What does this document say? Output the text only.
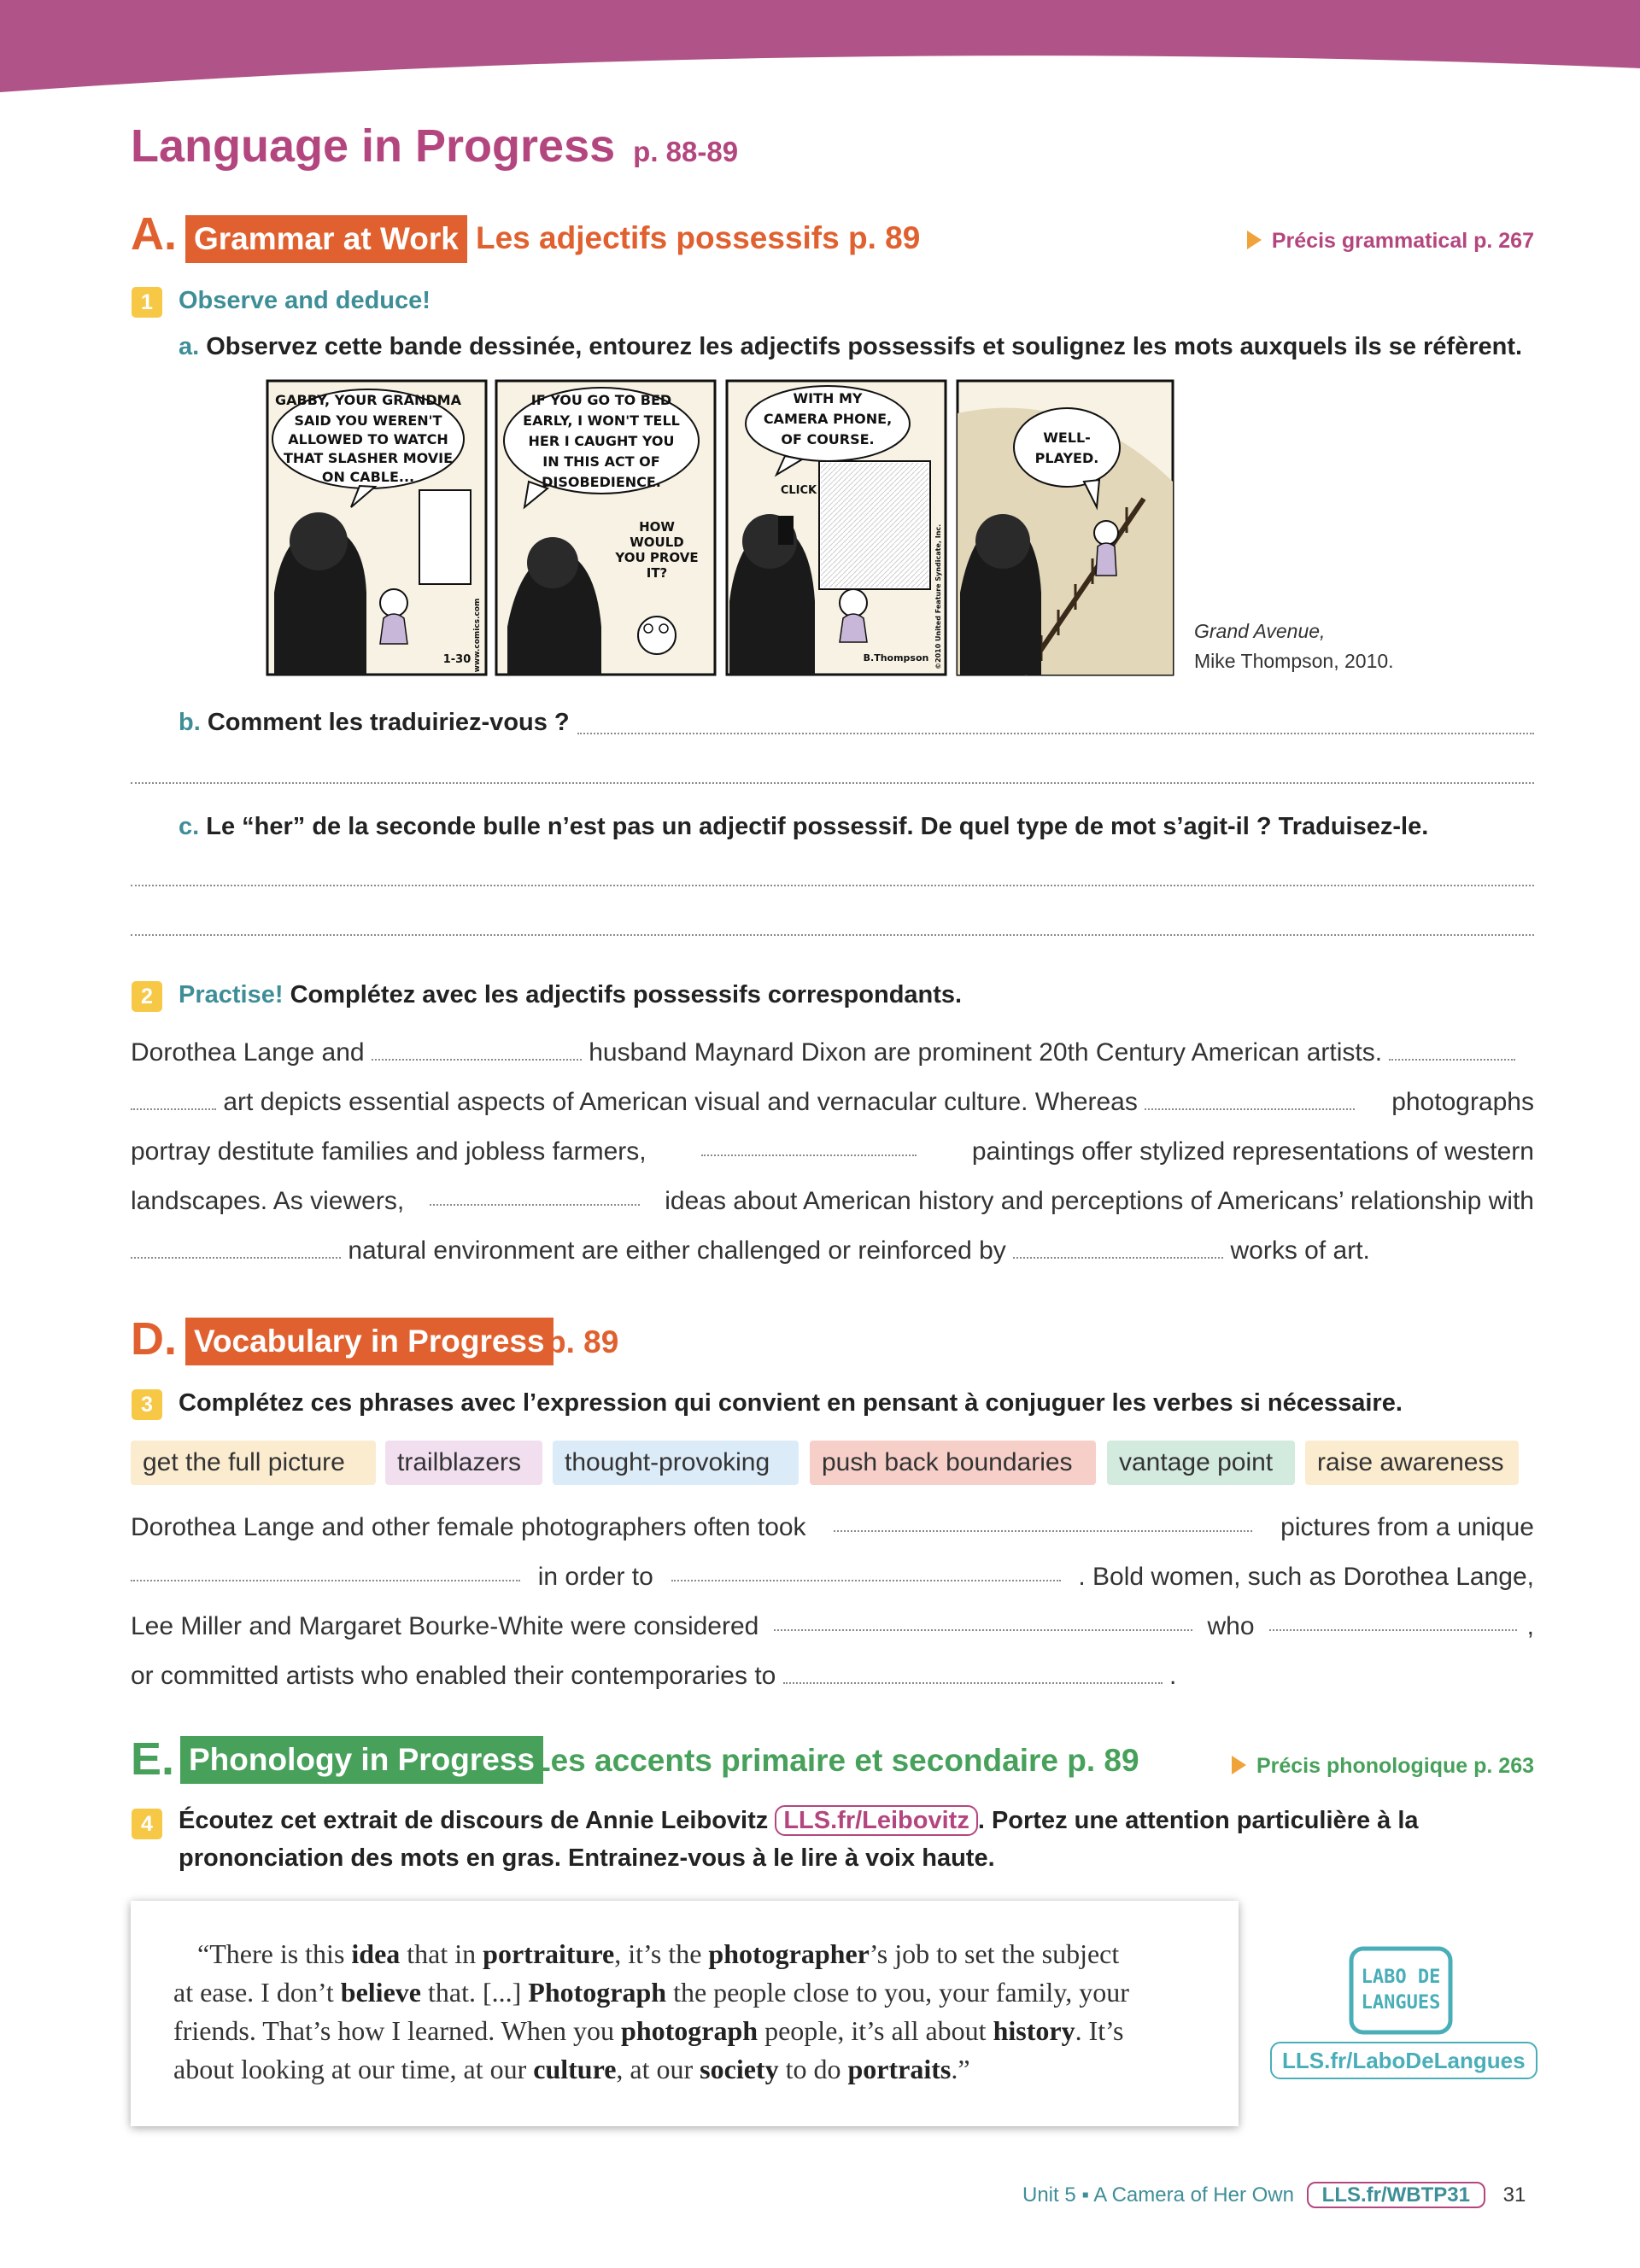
Language in Progress p. 88-89
A. Grammar at Work Les adjectifs possessifs p. 89	Précis grammatical p. 267
1	Observe and deduce!
a. Observez cette bande dessinée, entourez les adjectifs possessifs et soulignez les mots auxquels ils se réfèrent.
GABBY, YOUR GRANDMA
SAID YOU WEREN'T
ALLOWED TO WATCH
THAT SLASHER MOVIE
ON CABLE...
1-30 www.comics.com
IF YOU GO TO BED
EARLY, I WON'T TELL
HER I CAUGHT YOU
IN THIS ACT OF
DISOBEDIENCE.
HOW
WOULD
YOU PROVE
IT?
WITH MY
CAMERA PHONE,
OF COURSE.
CLICK
B.Thompson ©2010 United Feature Syndicate, Inc.
WELL-
PLAYED.
Grand Avenue,
Mike Thompson, 2010.
b. Comment les traduiriez-vous ?
c. Le “her” de la seconde bulle n’est pas un adjectif possessif. De quel type de mot s’agit-il ? Traduisez-le.
2	Practise! Complétez avec les adjectifs possessifs correspondants.
Dorothea Lange and	husband Maynard Dixon are prominent 20th Century American artists.
art depicts essential aspects of American visual and vernacular culture. Whereas	photographs
portray destitute families and jobless farmers,	paintings offer stylized representations of western
landscapes. As viewers,	ideas about American history and perceptions of Americans’ relationship with
natural environment are either challenged or reinforced by	works of art.
D. Vocabulary in Progress p. 89
3	Complétez ces phrases avec l’expression qui convient en pensant à conjuguer les verbes si nécessaire.
get the full picture	trailblazers	thought-provoking	push back boundaries	vantage point	raise awareness
Dorothea Lange and other female photographers often took	pictures from a unique
in order to	. Bold women, such as Dorothea Lange,
Lee Miller and Margaret Bourke-White were considered	who	,
or committed artists who enabled their contemporaries to	.
E. Phonology in Progress
Les accents primaire et secondaire p. 89	Précis phonologique p. 263
4	Écoutez cet extrait de discours de Annie Leibovitz LLS.fr/Leibovitz . Portez une attention particulière à la
prononciation des mots en gras. Entrainez-vous à le lire à voix haute.
“There is this idea that in portraiture, it’s the photographer’s job to set the subject
at ease. I don’t believe that. [...] Photograph the people close to you, your family, your
friends. That’s how I learned. When you photograph people, it’s all about history. It’s
about looking at our time, at our culture, at our society to do portraits.”
LABO DE
LANGUES
LLS.fr/LaboDeLangues
Unit 5 ▪ A Camera of Her Own LLS.fr/WBTP31 31
